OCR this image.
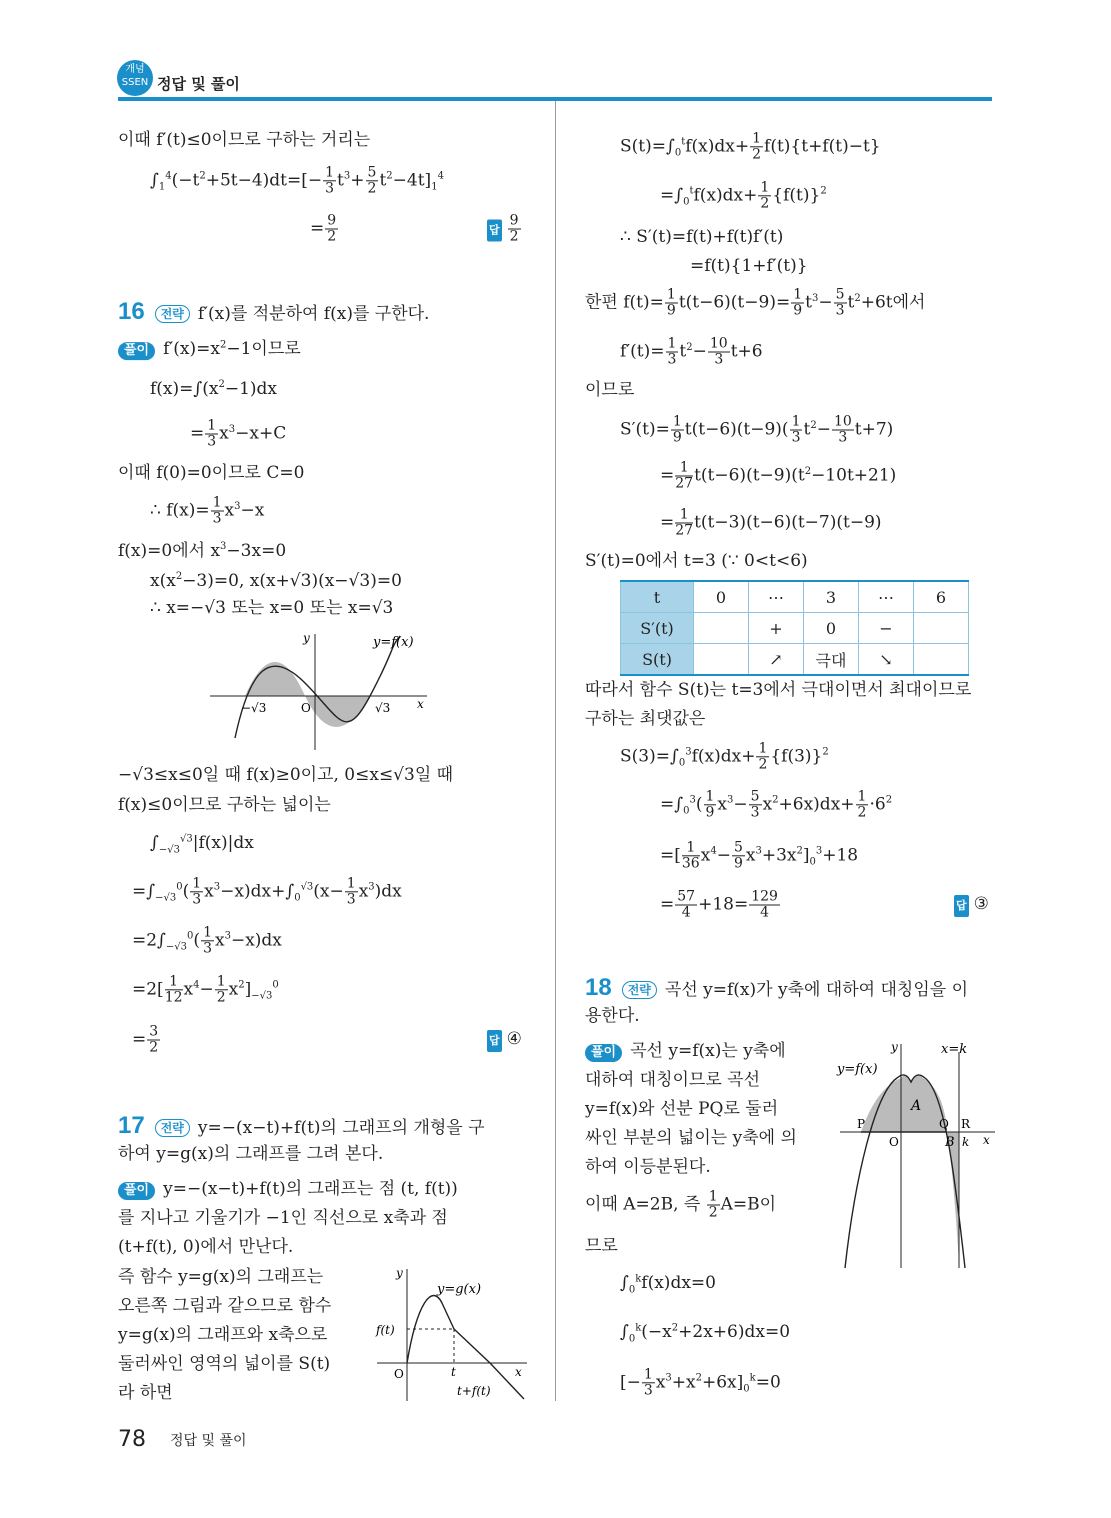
개념
SSEN 정답 및 풀이
이때 f′(t)≤0이므로 구하는 거리는
$\int_1^4(-t^2+5t-4)dt=[- \frac{1}{3} t^3+ \frac{5}{2} t^2-4t]_1^4$
= $\frac{9}{2}$	답 $\frac{9}{2}$
16 전략 f′(x)를 적분하여 f(x)를 구한다.
풀이 $f'(x)=x^2-1$이므로
$f(x)=\int(x^2-1)dx$
= $\frac{1}{3} x^3-x+C$
이때 f(0)=0이므로 C=0
∴ $f(x)= \frac{1}{3} x^3-x$
f(x)=0에서 $x^3-3x=0$
$x(x^2-3)=0$, x(x+√3)(x−√3)=0
∴ x=−√3 또는 x=0 또는 x=√3
y	y=f(x)
−√3	O	√3 x
−√3≤x≤0일 때 f(x)≥0이고, 0≤x≤√3일 때
f(x)≤0이므로 구하는 넓이는
$\int_{-√3}^{√3}|f(x)|dx$
$=\int_{-√3}^0( \frac{1}{3} x^3-x)dx+\int_0^{√3}(x- \frac{1}{3} x^3)dx$
$=2\int_{-√3}^0( \frac{1}{3} x^3-x)dx$
$=2[ \frac{1}{12} x^4- \frac{1}{2} x^2]_{-√3}^0$
= $\frac{3}{2}$	답 ④
17 전략 y=−(x−t)+f(t)의 그래프의 개형을 구
하여 y=g(x)의 그래프를 그려 본다.
풀이 y=−(x−t)+f(t)의 그래프는 점 (t, f(t))
를 지나고 기울기가 −1인 직선으로 x축과 점
(t+f(t), 0)에서 만난다.
즉 함수 y=g(x)의 그래프는
오른쪽 그림과 같으므로 함수
y=g(x)의 그래프와 x축으로
둘러싸인 영역의 넓이를 S(t)
라 하면
y
y=g(x)
f(t)
O	t	x
t+f(t)
$S(t)=\int_0^tf(x)dx+ \frac{1}{2} f(t)\{t+f(t)-t\}$
$=\int_0^tf(x)dx+ \frac{1}{2} \{f(t)\}^2$
∴ S′(t)=f(t)+f(t)f′(t)
=f(t){1+f′(t)}
한편 $f(t)= \frac{1}{9} t(t-6)(t-9)= \frac{1}{9} t^3- \frac{5}{3} t^2+6t$에서
$f'(t)= \frac{1}{3} t^2- \frac{10}{3} t+6$
이므로
$S'(t)= \frac{1}{9} t(t-6)(t-9)( \frac{1}{3} t^2- \frac{10}{3} t+7)$
= $\frac{1}{27} t(t-6)(t-9)(t^2-10t+21)$
= $\frac{1}{27} t(t-3)(t-6)(t-7)(t-9)$
S′(t)=0에서 t=3 (∵ 0<t<6)
t	0	⋯	3	⋯	6
S′(t)		+	0	−	
S(t)		↗	극대	↘	
따라서 함수 S(t)는 t=3에서 극대이면서 최대이므로
구하는 최댓값은
$S(3)=\int_0^3f(x)dx+ \frac{1}{2} \{f(3)\}^2$
$=\int_0^3( \frac{1}{9} x^3- \frac{5}{3} x^2+6x)dx+ \frac{1}{2} \cdot 6^2$
=[ $\frac{1}{36} x^4- \frac{5}{9} x^3+3x^2]_0^3+18$
= $\frac{57}{4} +18= \frac{129}{4}$	답 ③
18 전략 곡선 y=f(x)가 y축에 대하여 대칭임을 이
용한다.
풀이 곡선 y=f(x)는 y축에
대하여 대칭이므로 곡선
y=f(x)와 선분 PQ로 둘러
싸인 부분의 넓이는 y축에 의
하여 이등분된다.
이때 A=2B, 즉 $\frac{1}{2} A=B$이
므로
$\int_0^kf(x)dx=0$
$\int_0^k(-x^2+2x+6)dx=0$
[− $\frac{1}{3} x^3+x^2+6x]_0^k=0$
y	x=k
y=f(x)
A
P
O
Q R
B k x
78 정답 및 풀이
